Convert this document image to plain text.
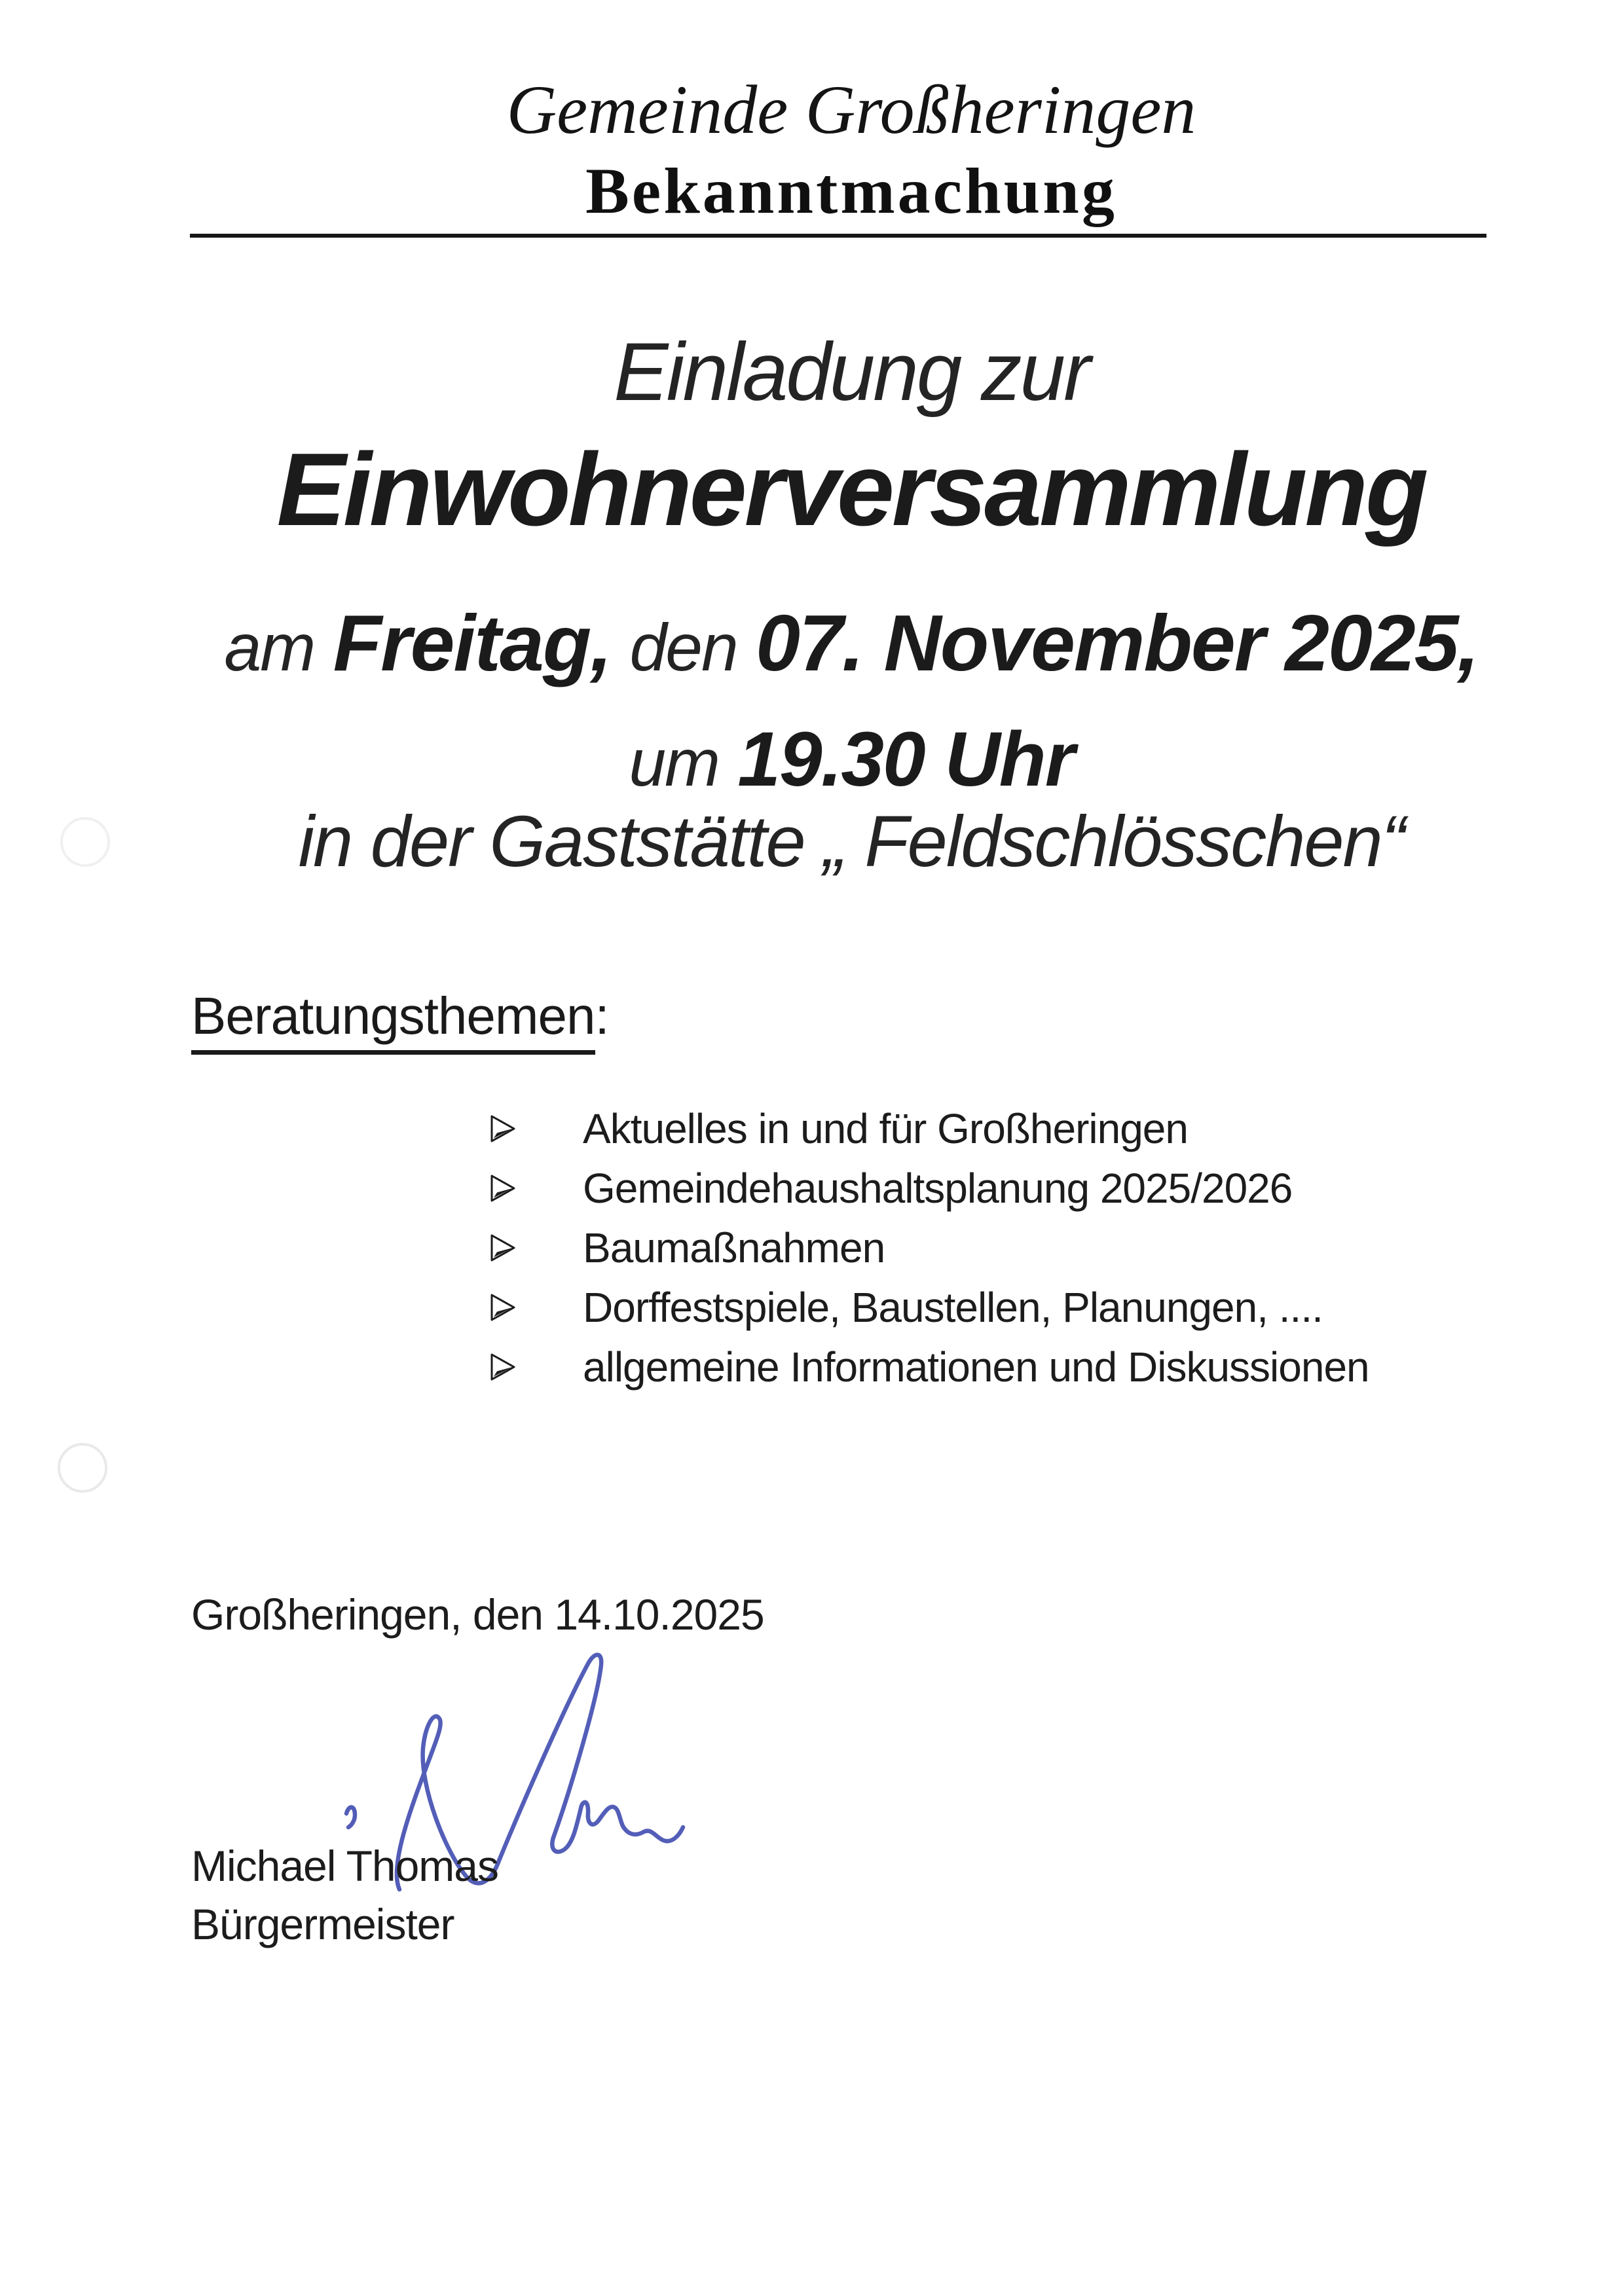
Gemeinde Großheringen
Bekanntmachung
Einladung zur
Einwohnerversammlung
am Freitag, den 07. November 2025,
um 19.30 Uhr
in der Gaststätte „ Feldschlösschen“
Beratungsthemen:
Aktuelles in und für Großheringen
Gemeindehaushaltsplanung 2025/2026
Baumaßnahmen
Dorffestspiele, Baustellen, Planungen, ....
allgemeine Informationen und Diskussionen
Großheringen, den 14.10.2025
Michael Thomas
Bürgermeister
